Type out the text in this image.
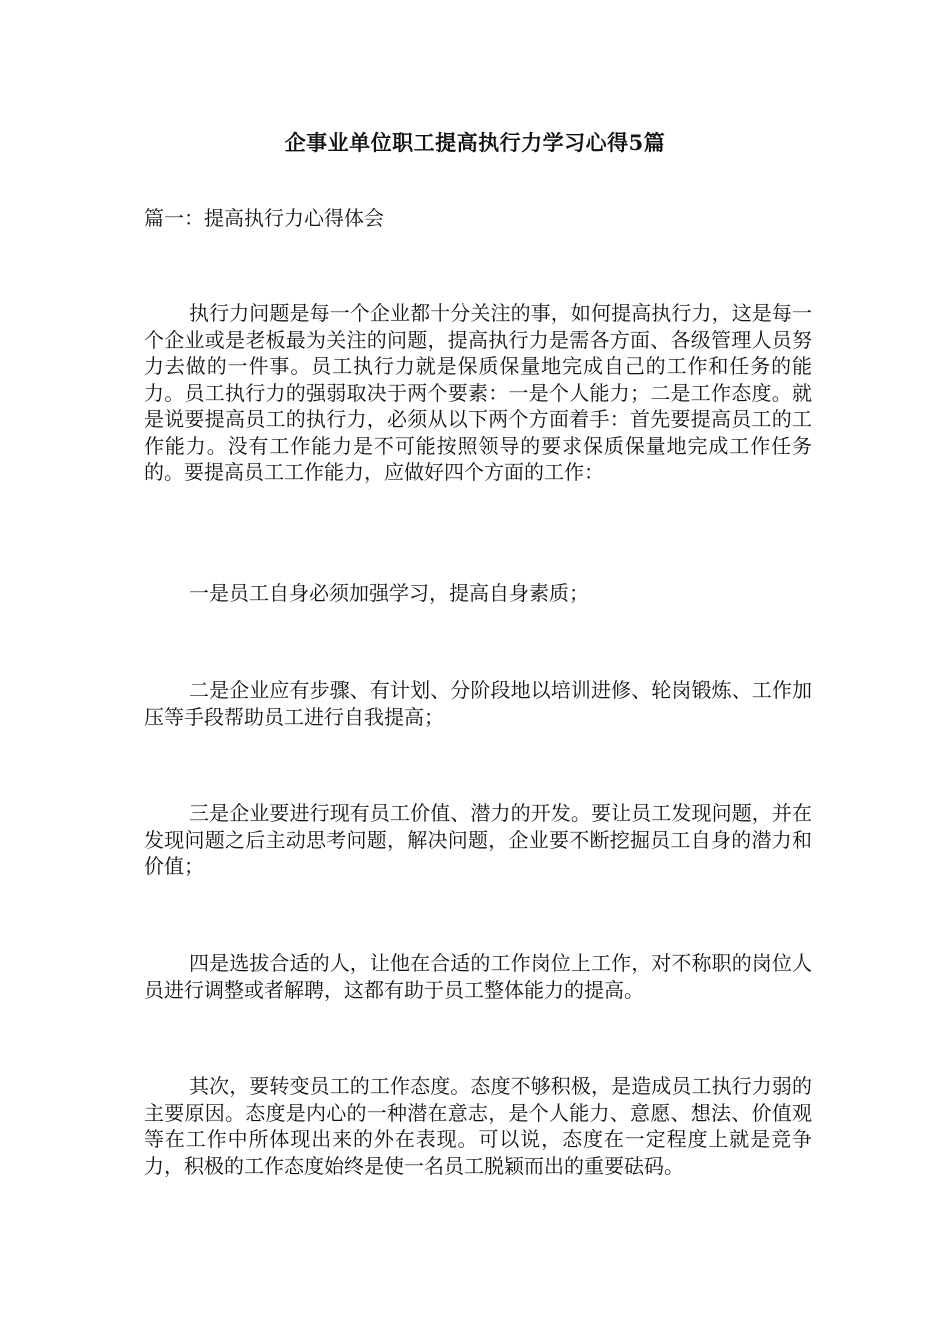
企事业单位职工提高执行力学习心得5篇
篇一：提高执行力心得体会

执行力问题是每一个企业都十分关注的事，如何提高执行力，这是每一个企业或是老板最为关注的问题，提高执行力是需各方面、各级管理人员努力去做的一件事。员工执行力就是保质保量地完成自己的工作和任务的能力。员工执行力的强弱取决于两个要素：一是个人能力；二是工作态度。就是说要提高员工的执行力，必须从以下两个方面着手：首先要提高员工的工作能力。没有工作能力是不可能按照领导的要求保质保量地完成工作任务的。要提高员工工作能力，应做好四个方面的工作：

一是员工自身必须加强学习，提高自身素质；

二是企业应有步骤、有计划、分阶段地以培训进修、轮岗锻炼、工作加压等手段帮助员工进行自我提高；

三是企业要进行现有员工价值、潜力的开发。要让员工发现问题，并在发现问题之后主动思考问题，解决问题，企业要不断挖掘员工自身的潜力和价值；

四是选拔合适的人，让他在合适的工作岗位上工作，对不称职的岗位人员进行调整或者解聘，这都有助于员工整体能力的提高。

其次，要转变员工的工作态度。态度不够积极，是造成员工执行力弱的主要原因。态度是内心的一种潜在意志，是个人能力、意愿、想法、价值观等在工作中所体现出来的外在表现。可以说，态度在一定程度上就是竞争力，积极的工作态度始终是使一名员工脱颖而出的重要砝码。
